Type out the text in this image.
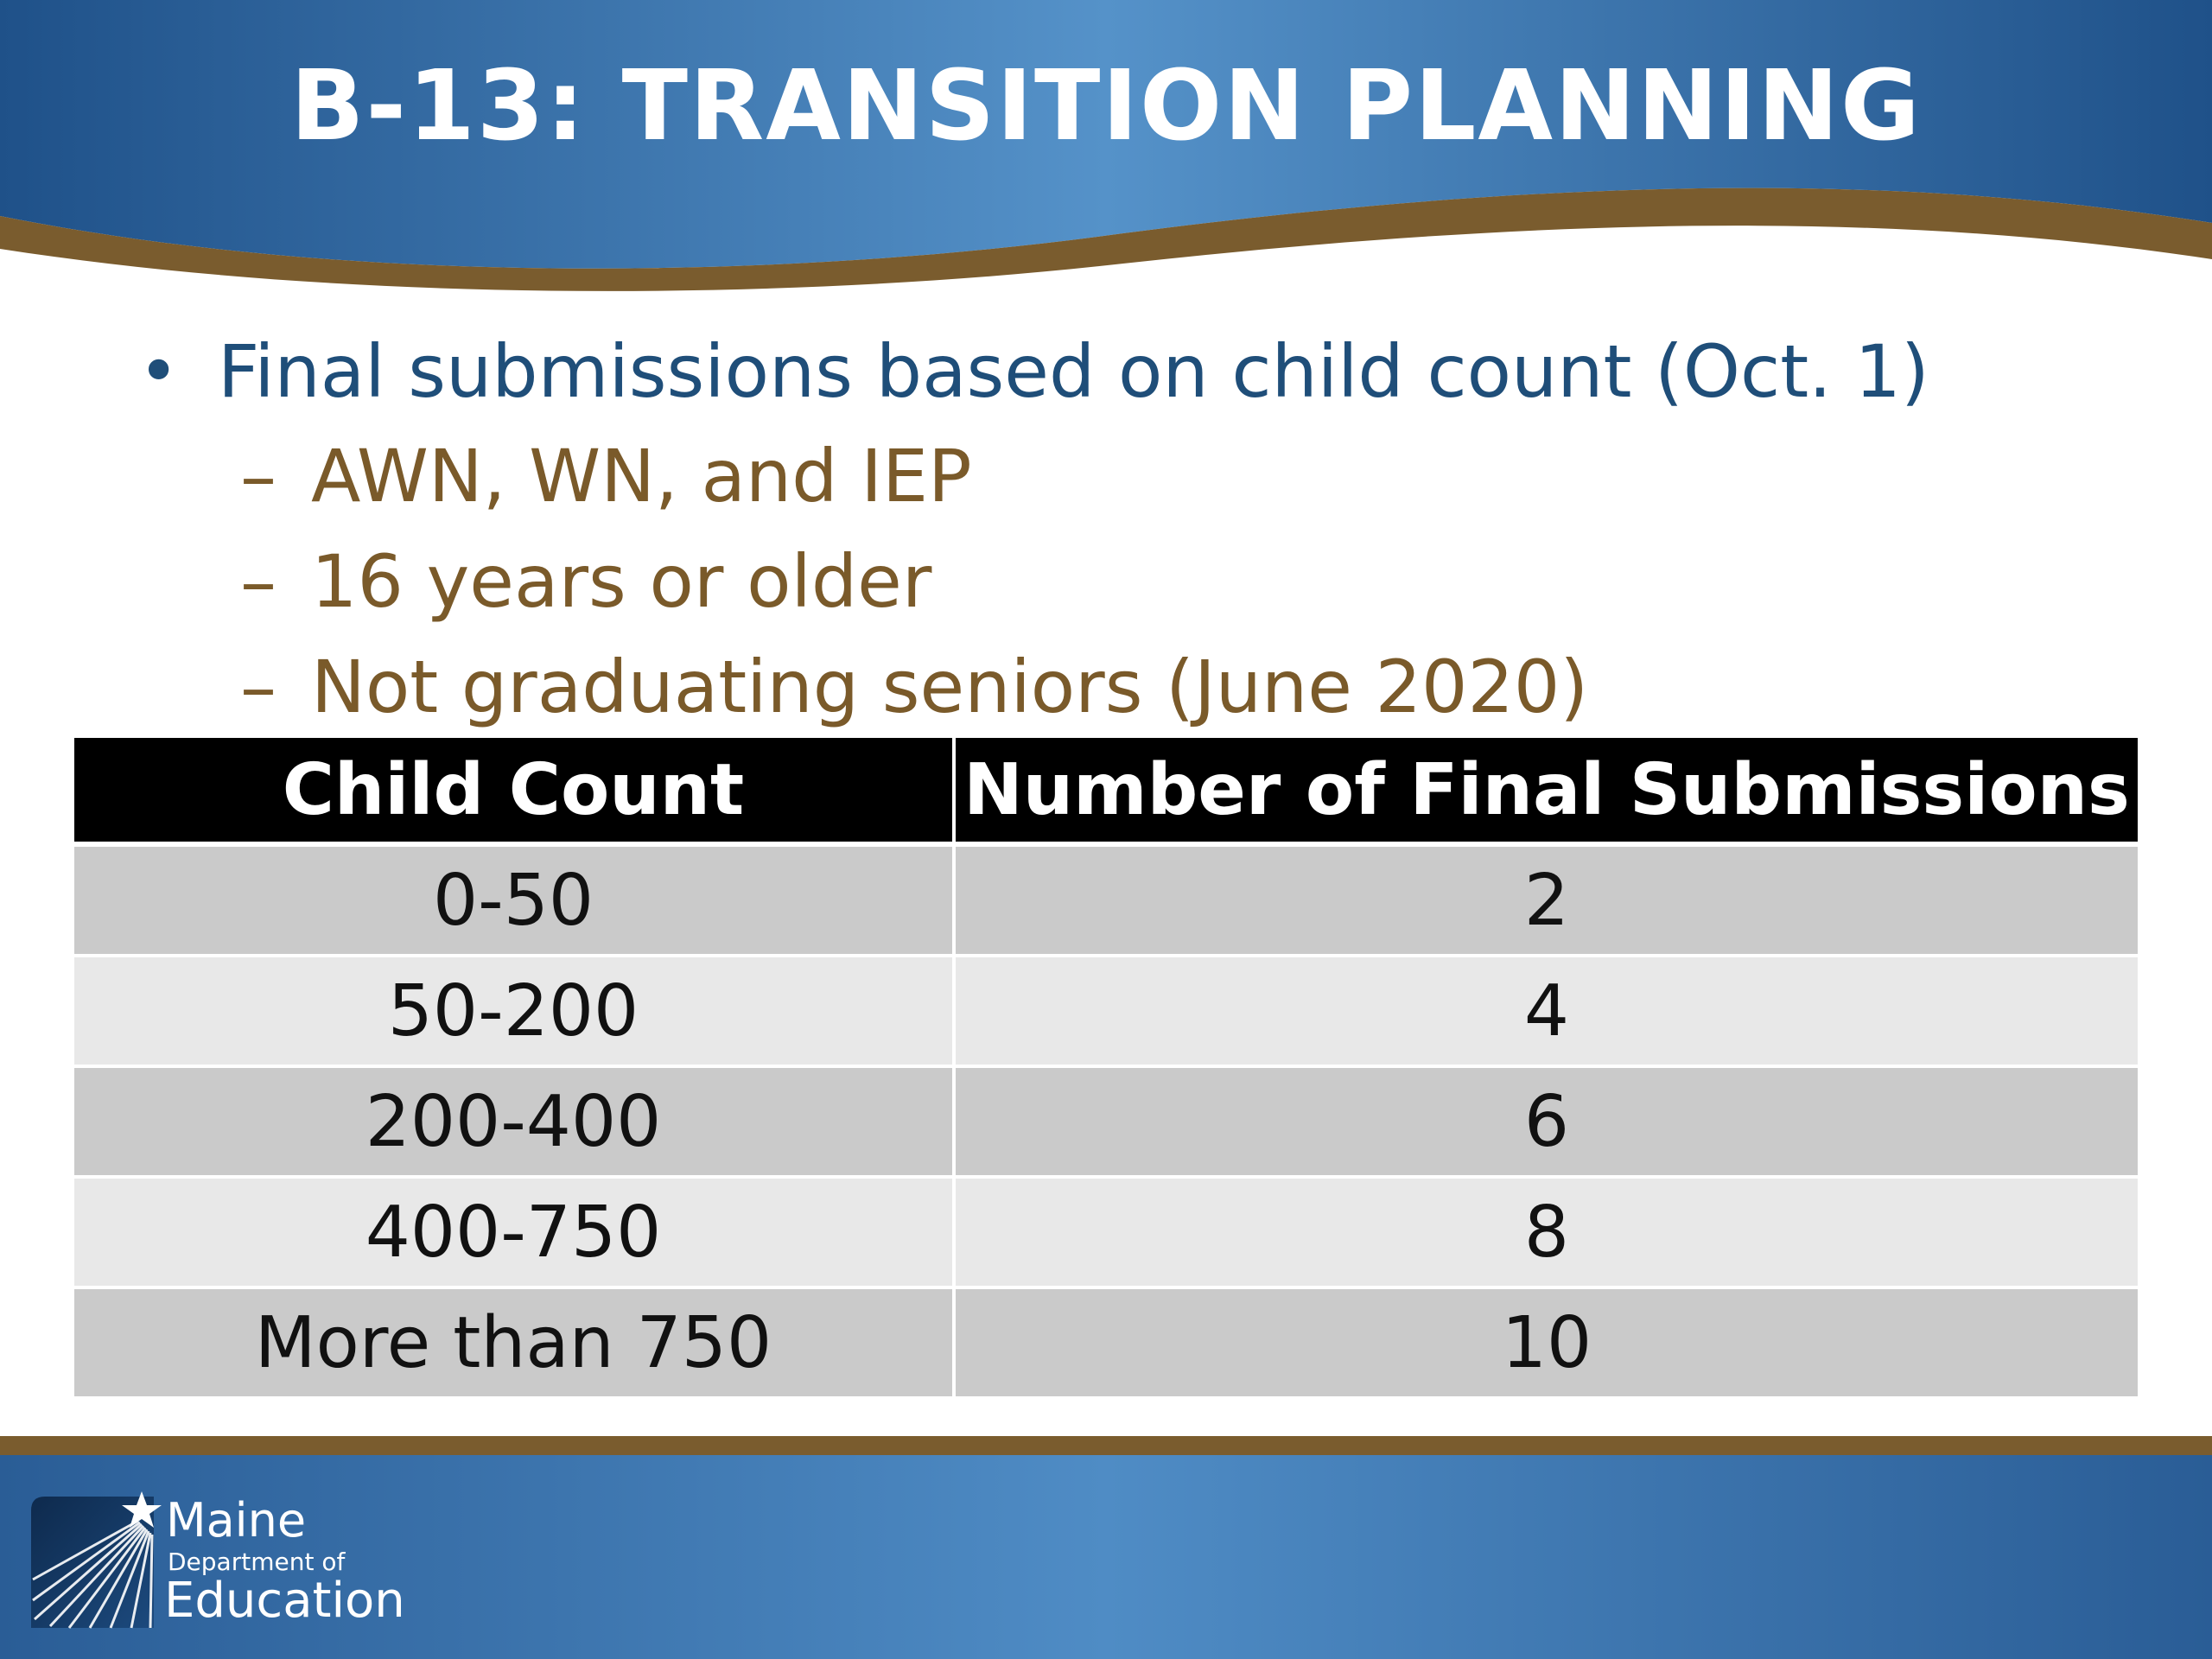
B-13: TRANSITION PLANNING
• Final submissions based on child count (Oct. 1)
– AWN, WN, and IEP
– 16 years or older
– Not graduating seniors (June 2020)
Child Count	Number of Final Submissions
0-50	2
50-200	4
200-400	6
400-750	8
More than 750	10
Maine
Department of
Education
